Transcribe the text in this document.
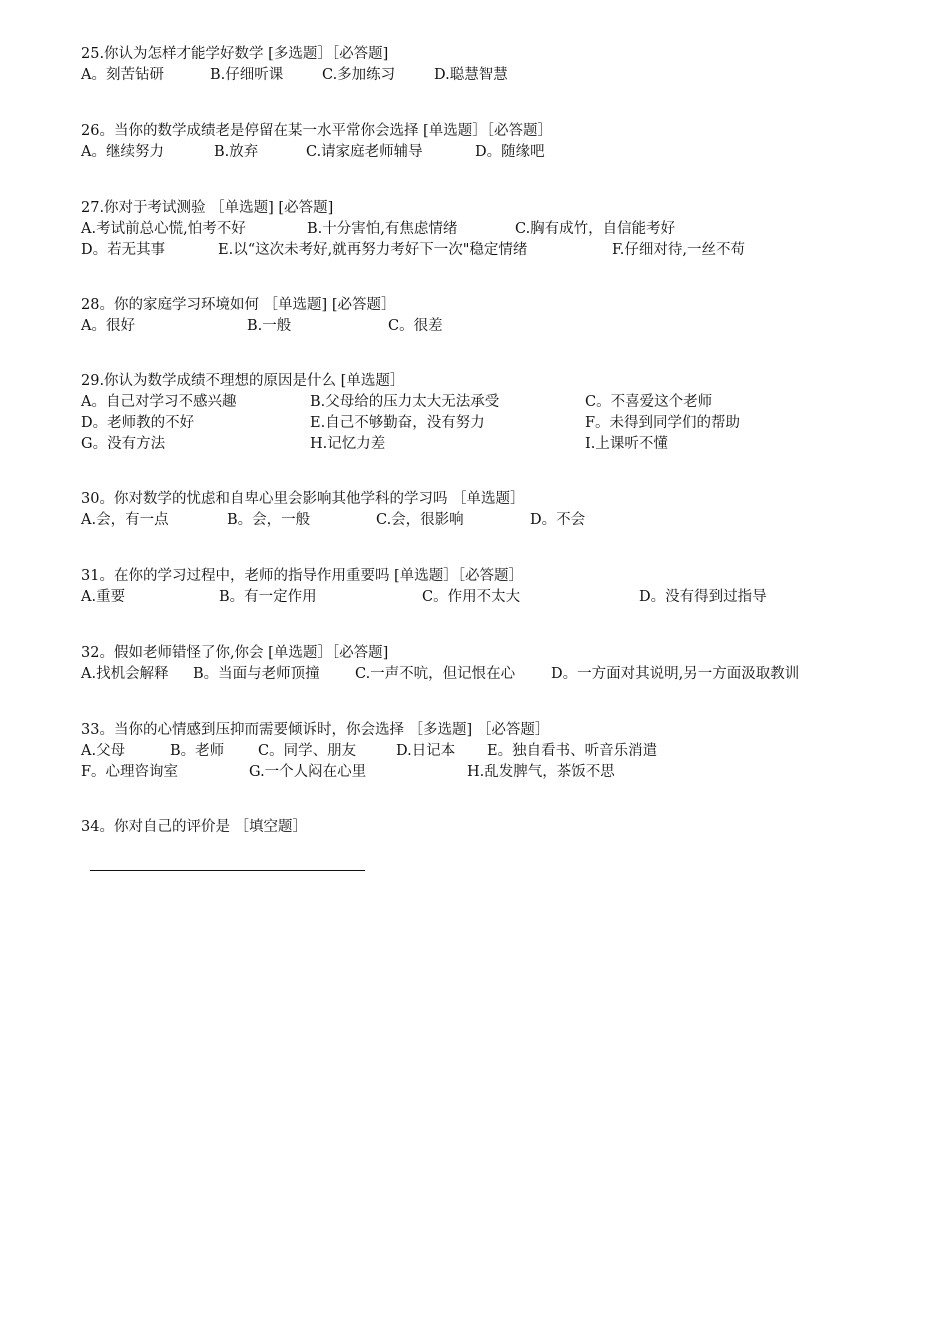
25.你认为怎样才能学好数学 [多选题］［必答题]
A。刻苦钻研	B.仔细听课	C.多加练习	D.聪慧智慧
26。当你的数学成绩老是停留在某一水平常你会选择 [单选题］［必答题］
A。继续努力	B.放弃	C.请家庭老师辅导	D。随缘吧
27.你对于考试测验 ［单选题] [必答题]
A.考试前总心慌,怕考不好	B.十分害怕,有焦虑情绪	C.胸有成竹，自信能考好
D。若无其事	E.以“这次未考好,就再努力考好下一次"稳定情绪	F.仔细对待,一丝不苟
28。你的家庭学习环境如何 ［单选题] [必答题］
A。很好	B.一般	C。很差
29.你认为数学成绩不理想的原因是什么 [单选题］
A。自己对学习不感兴趣	B.父母给的压力太大无法承受	C。不喜爱这个老师
D。老师教的不好	E.自己不够勤奋，没有努力	F。未得到同学们的帮助
G。没有方法	H.记忆力差	I.上课听不懂
30。你对数学的忧虑和自卑心里会影响其他学科的学习吗 ［单选题］
A.会，有一点	B。会，一般	C.会，很影响	D。不会
31。在你的学习过程中，老师的指导作用重要吗 [单选题］［必答题］
A.重要	B。有一定作用	C。作用不太大	D。没有得到过指导
32。假如老师错怪了你,你会 [单选题］［必答题]
A.找机会解释	B。当面与老师顶撞	C.一声不吭，但记恨在心	D。一方面对其说明,另一方面汲取教训
33。当你的心情感到压抑而需要倾诉时，你会选择 ［多选题] ［必答题］
A.父母	B。老师	C。同学、朋友	D.日记本	E。独自看书、听音乐消遣
F。心理咨询室	G.一个人闷在心里	H.乱发脾气，茶饭不思
34。你对自己的评价是 ［填空题］
